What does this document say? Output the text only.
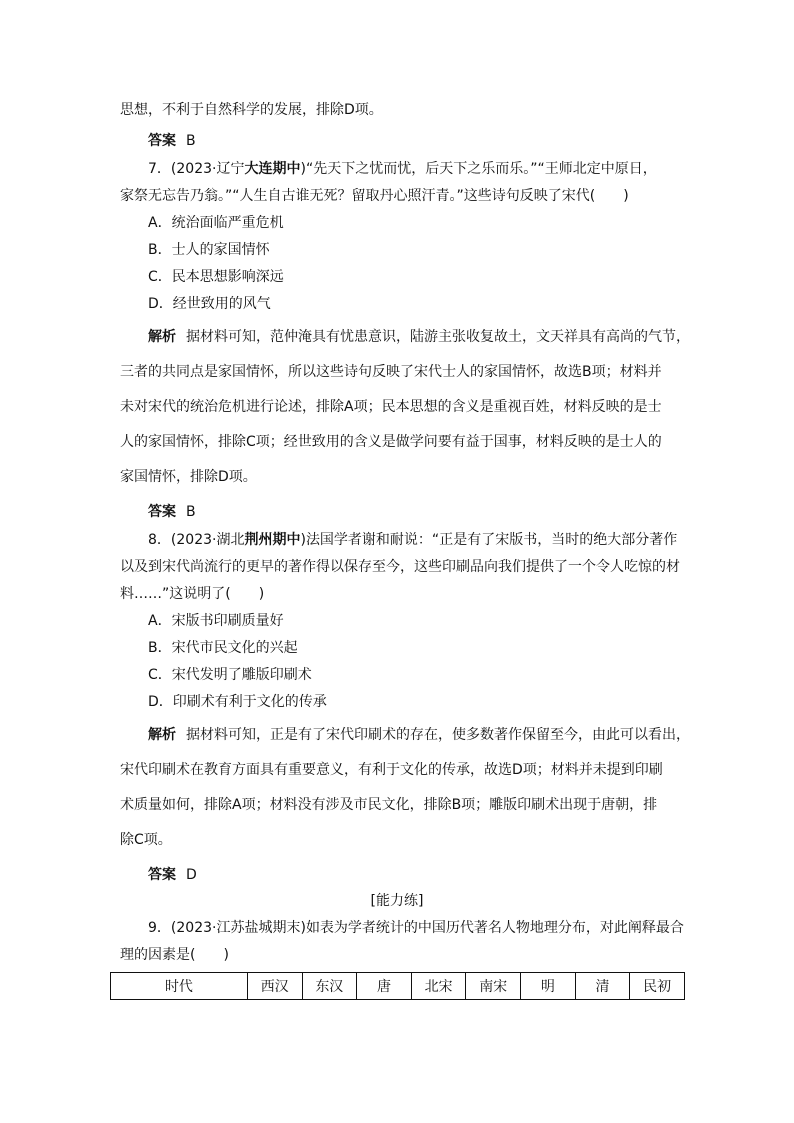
思想，不利于自然科学的发展，排除D项。
答案 B
7．(2023·辽宁大连期中)“先天下之忧而忧，后天下之乐而乐。”“王师北定中原日，
家祭无忘告乃翁。”“人生自古谁无死？留取丹心照汗青。”这些诗句反映了宋代(　　)
A．统治面临严重危机
B．士人的家国情怀
C．民本思想影响深远
D．经世致用的风气
解析 据材料可知，范仲淹具有忧患意识，陆游主张收复故土，文天祥具有高尚的气节，
三者的共同点是家国情怀，所以这些诗句反映了宋代士人的家国情怀，故选B项；材料并
未对宋代的统治危机进行论述，排除A项；民本思想的含义是重视百姓，材料反映的是士
人的家国情怀，排除C项；经世致用的含义是做学问要有益于国事，材料反映的是士人的
家国情怀，排除D项。
答案 B
8．(2023·湖北荆州期中)法国学者谢和耐说：“正是有了宋版书，当时的绝大部分著作
以及到宋代尚流行的更早的著作得以保存至今，这些印刷品向我们提供了一个令人吃惊的材
料……”这说明了(　　)
A．宋版书印刷质量好
B．宋代市民文化的兴起
C．宋代发明了雕版印刷术
D．印刷术有利于文化的传承
解析 据材料可知，正是有了宋代印刷术的存在，使多数著作保留至今，由此可以看出，
宋代印刷术在教育方面具有重要意义，有利于文化的传承，故选D项；材料并未提到印刷
术质量如何，排除A项；材料没有涉及市民文化，排除B项；雕版印刷术出现于唐朝，排
除C项。
答案 D
[能力练]
9．(2023·江苏盐城期末)如表为学者统计的中国历代著名人物地理分布，对此阐释最合
理的因素是(　　)
时代	西汉	东汉	唐	北宋	南宋	明	清	民初
